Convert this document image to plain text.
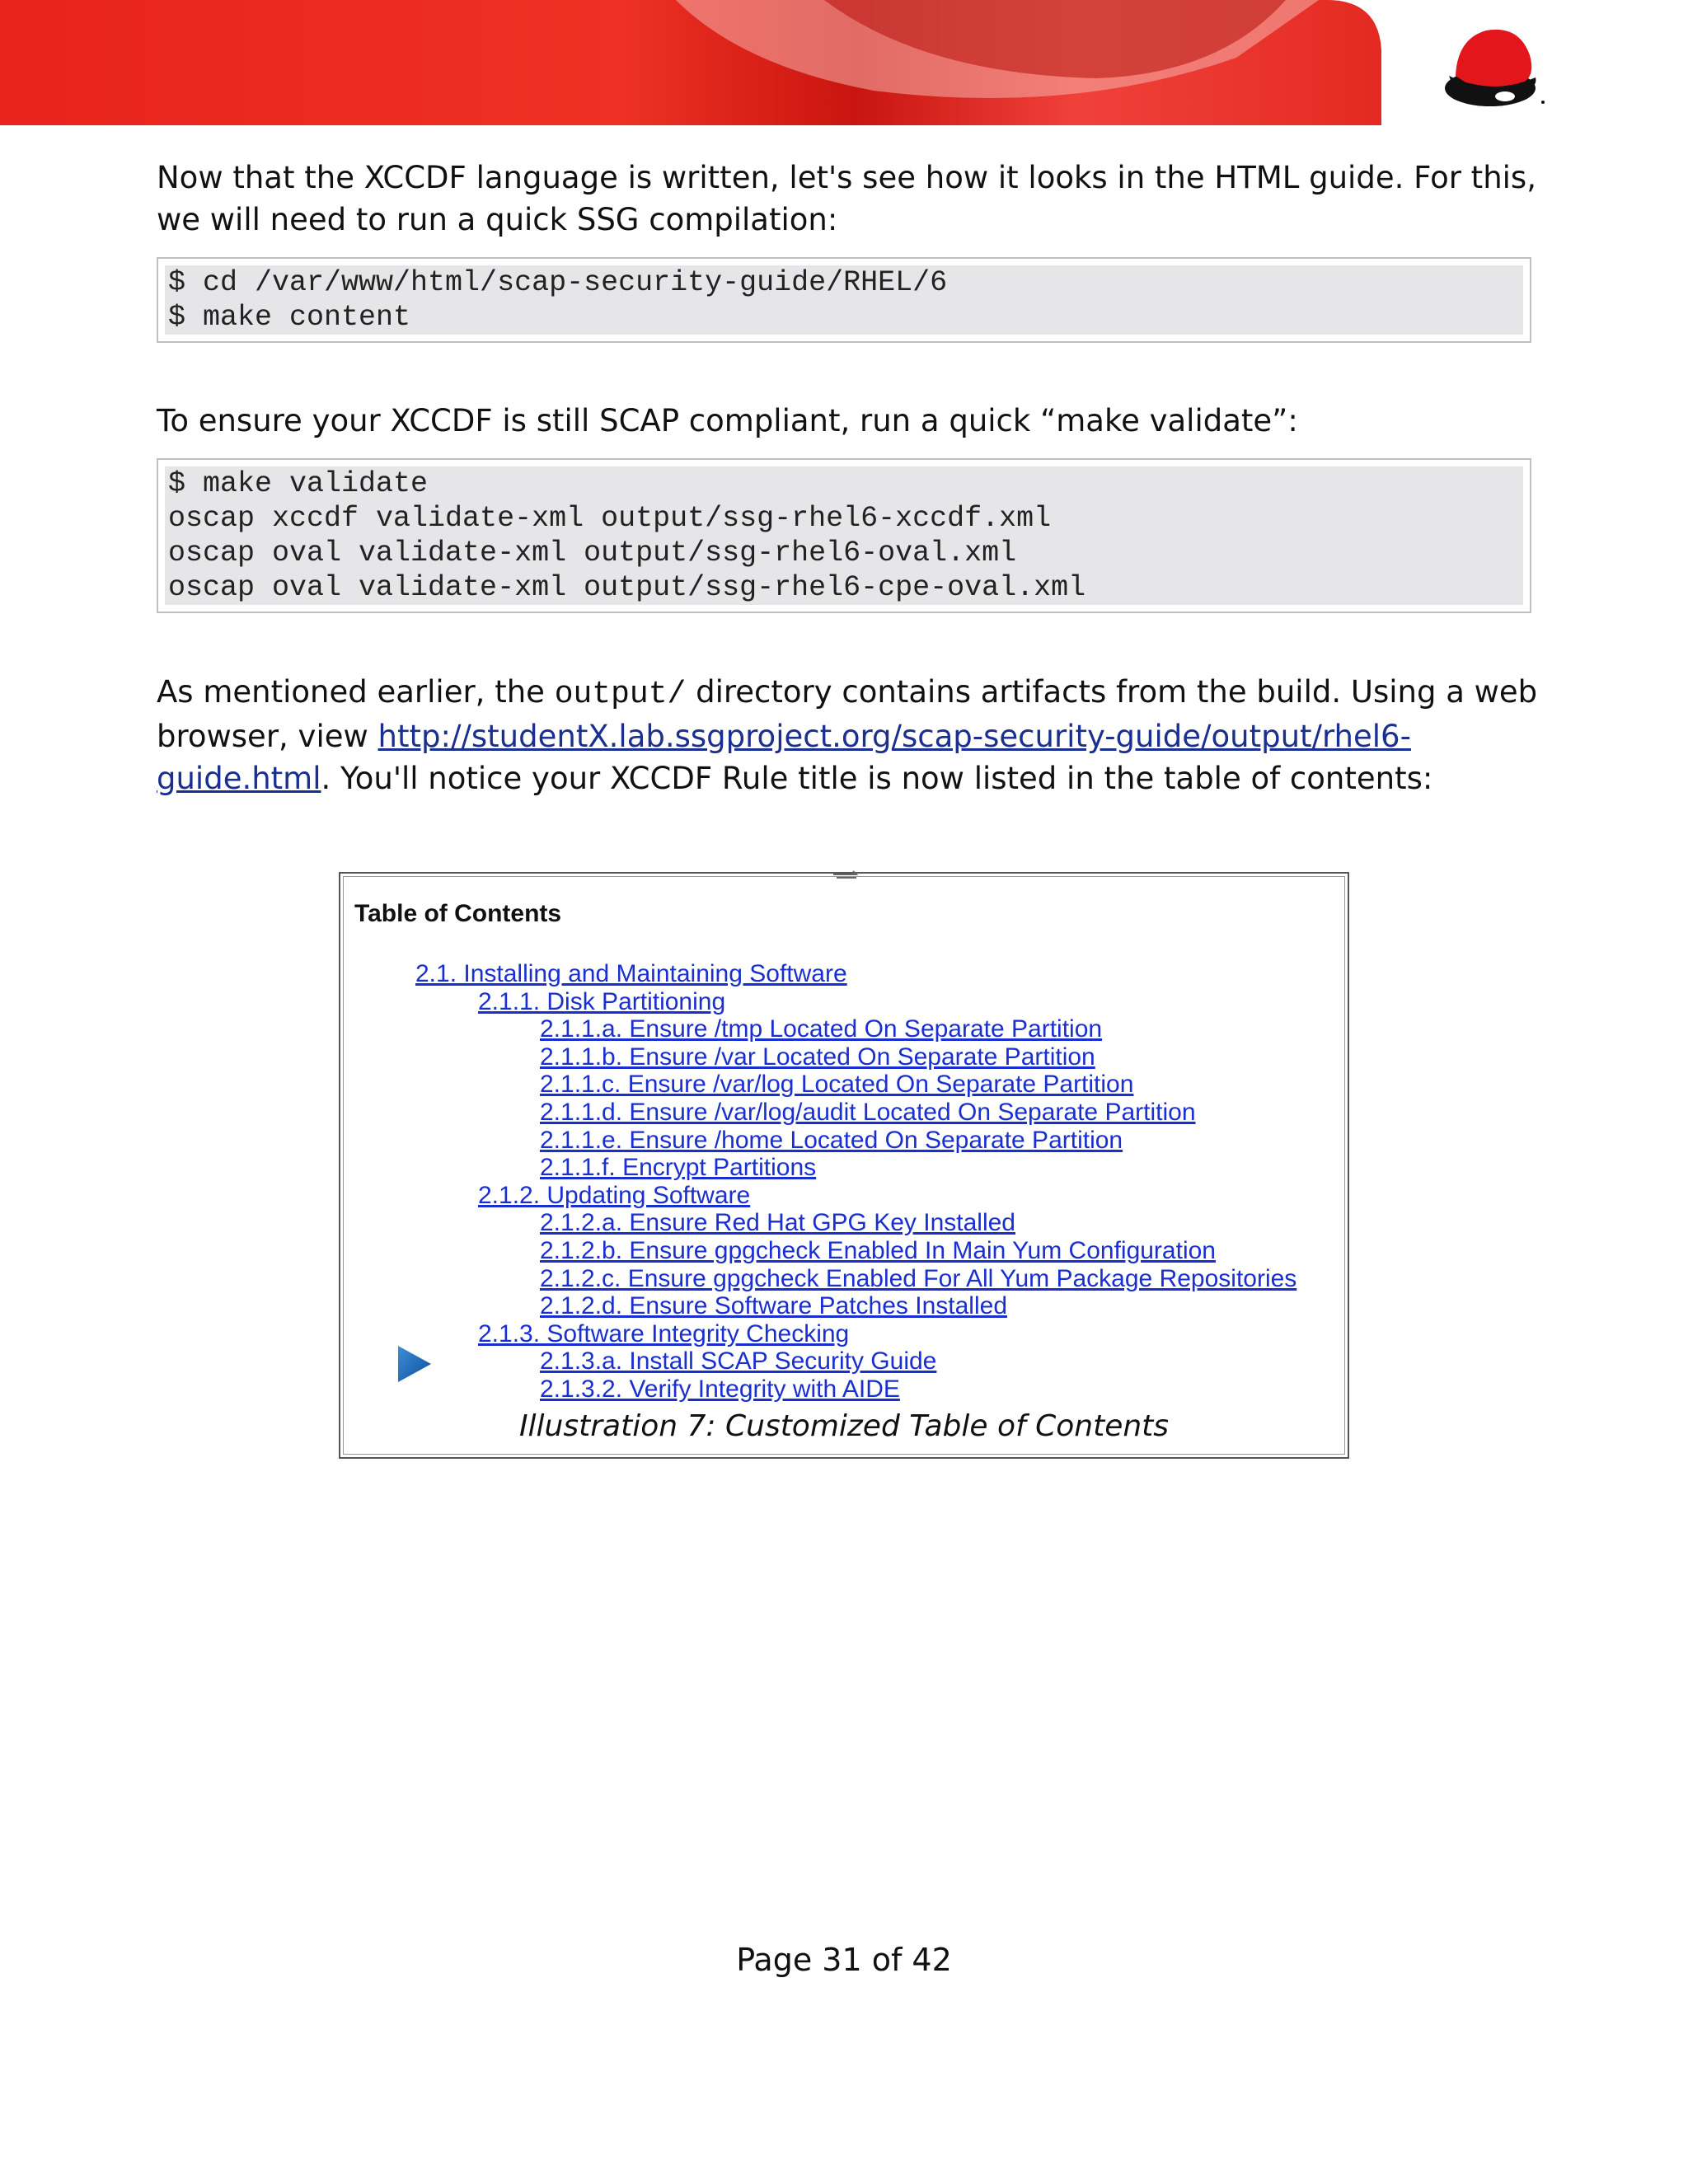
Now that the XCCDF language is written, let's see how it looks in the HTML guide. For this, we will need to run a quick SSG compilation:
$ cd /var/www/html/scap-security-guide/RHEL/6
$ make content
To ensure your XCCDF is still SCAP compliant, run a quick “make validate”:
$ make validate
oscap xccdf validate-xml output/ssg-rhel6-xccdf.xml
oscap oval validate-xml output/ssg-rhel6-oval.xml
oscap oval validate-xml output/ssg-rhel6-cpe-oval.xml
As mentioned earlier, the output/ directory contains artifacts from the build. Using a web browser, view http://studentX.lab.ssgproject.org/scap-security-guide/output/rhel6-guide.html. You'll notice your XCCDF Rule title is now listed in the table of contents:
Table of Contents
2.1. Installing and Maintaining Software
2.1.1. Disk Partitioning
2.1.1.a. Ensure /tmp Located On Separate Partition
2.1.1.b. Ensure /var Located On Separate Partition
2.1.1.c. Ensure /var/log Located On Separate Partition
2.1.1.d. Ensure /var/log/audit Located On Separate Partition
2.1.1.e. Ensure /home Located On Separate Partition
2.1.1.f. Encrypt Partitions
2.1.2. Updating Software
2.1.2.a. Ensure Red Hat GPG Key Installed
2.1.2.b. Ensure gpgcheck Enabled In Main Yum Configuration
2.1.2.c. Ensure gpgcheck Enabled For All Yum Package Repositories
2.1.2.d. Ensure Software Patches Installed
2.1.3. Software Integrity Checking
2.1.3.a. Install SCAP Security Guide
2.1.3.2. Verify Integrity with AIDE
Illustration 7: Customized Table of Contents
Page 31 of 42
